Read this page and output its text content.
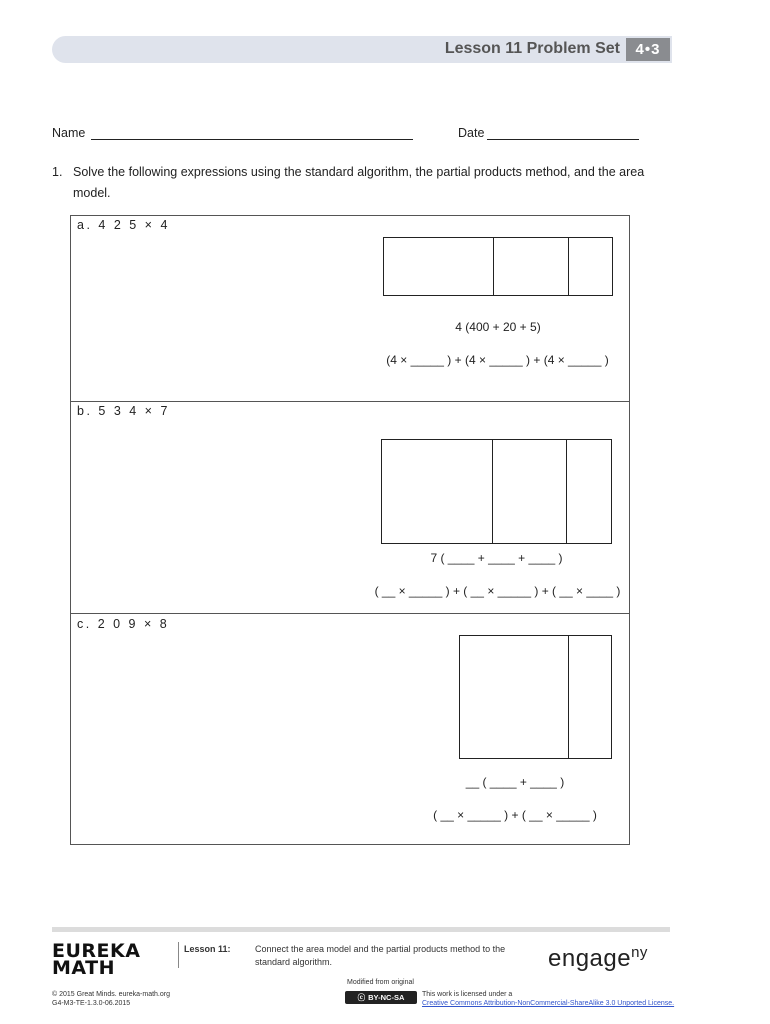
Lesson 11 Problem Set	4•3
Name	Date
1. Solve the following expressions using the standard algorithm, the partial products method, and the area
model.
a. 4 2 5 × 4
4 (400 + 20 + 5)
(4 × _____ ) + (4 × _____ ) + (4 × _____ )
b. 5 3 4 × 7
7 ( ____ + ____ + ____ )
( __ × _____ ) + ( __ × _____ ) + ( __ × ____ )
c. 2 0 9 × 8
__ ( ____ + ____ )
( __ × _____ ) + ( __ × _____ )
EUREKA
MATH
© 2015 Great Minds. eureka-math.org
G4-M3-TE-1.3.0-06.2015
Lesson 11:	Connect the area model and the partial products method to the
standard algorithm.	engage$^{ny}$
Modified from original
ⓒ BY-NC-SA	This work is licensed under a
Creative Commons Attribution-NonCommercial-ShareAlike 3.0 Unported License.
